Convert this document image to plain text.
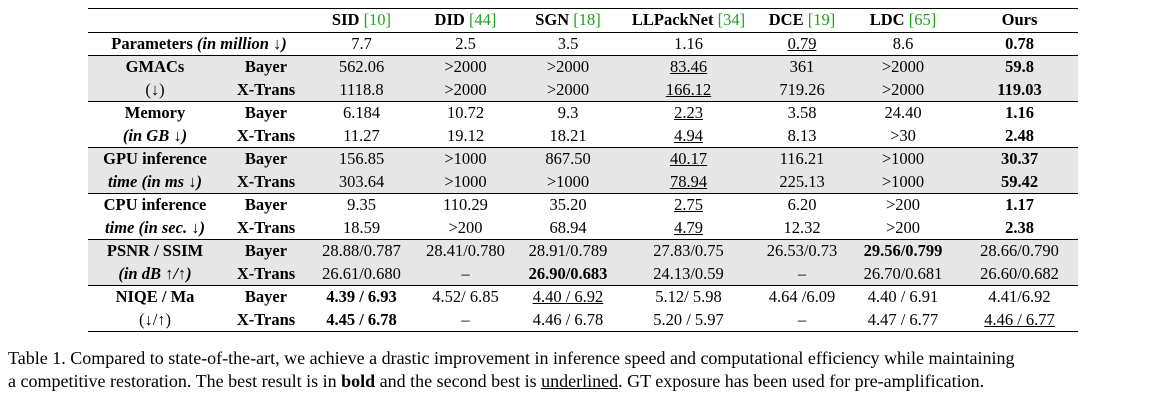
		SID [10]	DID [44]	SGN [18]	LLPackNet [34]	DCE [19]	LDC [65]	Ours
Parameters (in million ↓)		7.7	2.5	3.5	1.16	0.79	8.6	0.78
GMACs	Bayer	562.06	>2000	>2000	83.46	361	>2000	59.8
(↓)	X-Trans	1118.8	>2000	>2000	166.12	719.26	>2000	119.03
Memory	Bayer	6.184	10.72	9.3	2.23	3.58	24.40	1.16
(in GB ↓)	X-Trans	11.27	19.12	18.21	4.94	8.13	>30	2.48
GPU inference	Bayer	156.85	>1000	867.50	40.17	116.21	>1000	30.37
time (in ms ↓)	X-Trans	303.64	>1000	>1000	78.94	225.13	>1000	59.42
CPU inference	Bayer	9.35	110.29	35.20	2.75	6.20	>200	1.17
time (in sec. ↓)	X-Trans	18.59	>200	68.94	4.79	12.32	>200	2.38
PSNR / SSIM	Bayer	28.88/0.787	28.41/0.780	28.91/0.789	27.83/0.75	26.53/0.73	29.56/0.799	28.66/0.790
(in dB ↑/↑)	X-Trans	26.61/0.680	–	26.90/0.683	24.13/0.59	–	26.70/0.681	26.60/0.682
NIQE / Ma	Bayer	4.39 / 6.93	4.52/ 6.85	4.40 / 6.92	5.12/ 5.98	4.64 /6.09	4.40 / 6.91	4.41/6.92
(↓/↑)	X-Trans	4.45 / 6.78	–	4.46 / 6.78	5.20 / 5.97	–	4.47 / 6.77	4.46 / 6.77

Table 1. Compared to state-of-the-art, we achieve a drastic improvement in inference speed and computational efficiency while maintaining

a competitive restoration. The best result is in bold and the second best is underlined. GT exposure has been used for pre-amplification.
